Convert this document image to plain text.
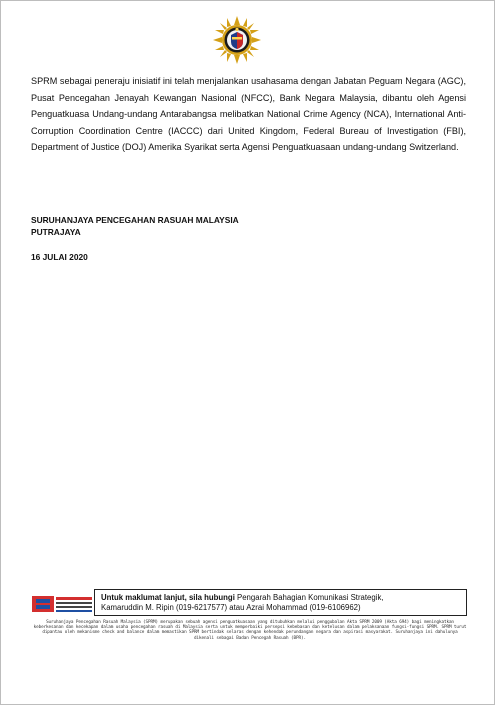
SPRM sebagai peneraju inisiatif ini telah menjalankan usahasama dengan Jabatan Peguam Negara (AGC), Pusat Pencegahan Jenayah Kewangan Nasional (NFCC), Bank Negara Malaysia, dibantu oleh Agensi Penguatkuasa Undang-undang Antarabangsa melibatkan National Crime Agency (NCA), International Anti-Corruption Coordination Centre (IACCC) dari United Kingdom, Federal Bureau of Investigation (FBI), Department of Justice (DOJ) Amerika Syarikat serta Agensi Penguatkuasaan undang-undang Switzerland.

SURUHANJAYA PENCEGAHAN RASUAH MALAYSIA
PUTRAJAYA
16 JULAI 2020
Untuk maklumat lanjut, sila hubungi Pengarah Bahagian Komunikasi Strategik,
Kamaruddin M. Ripin (019-6217577) atau Azrai Mohammad (019-6106962)
Suruhanjaya Pencegahan Rasuah Malaysia (SPRM) merupakan sebuah agensi penguatkuasaan yang ditubuhkan melalui penggubalan Akta SPRM 2009 (Akta 694) bagi meningkatkan keberkesanan dan kecekapan dalam usaha pencegahan rasuah di Malaysia serta untuk memperbaiki persepsi kebebasan dan ketelusan dalam pelaksanaan fungsi-fungsi SPRM. SPRM turut dipantau oleh mekanisme check and balance dalam memastikan SPRM bertindak selaras dengan kehendak perundangan negara dan aspirasi masyarakat. Suruhanjaya ini dahulunya dikenali sebagai Badan Pencegah Rasuah (BPR).
